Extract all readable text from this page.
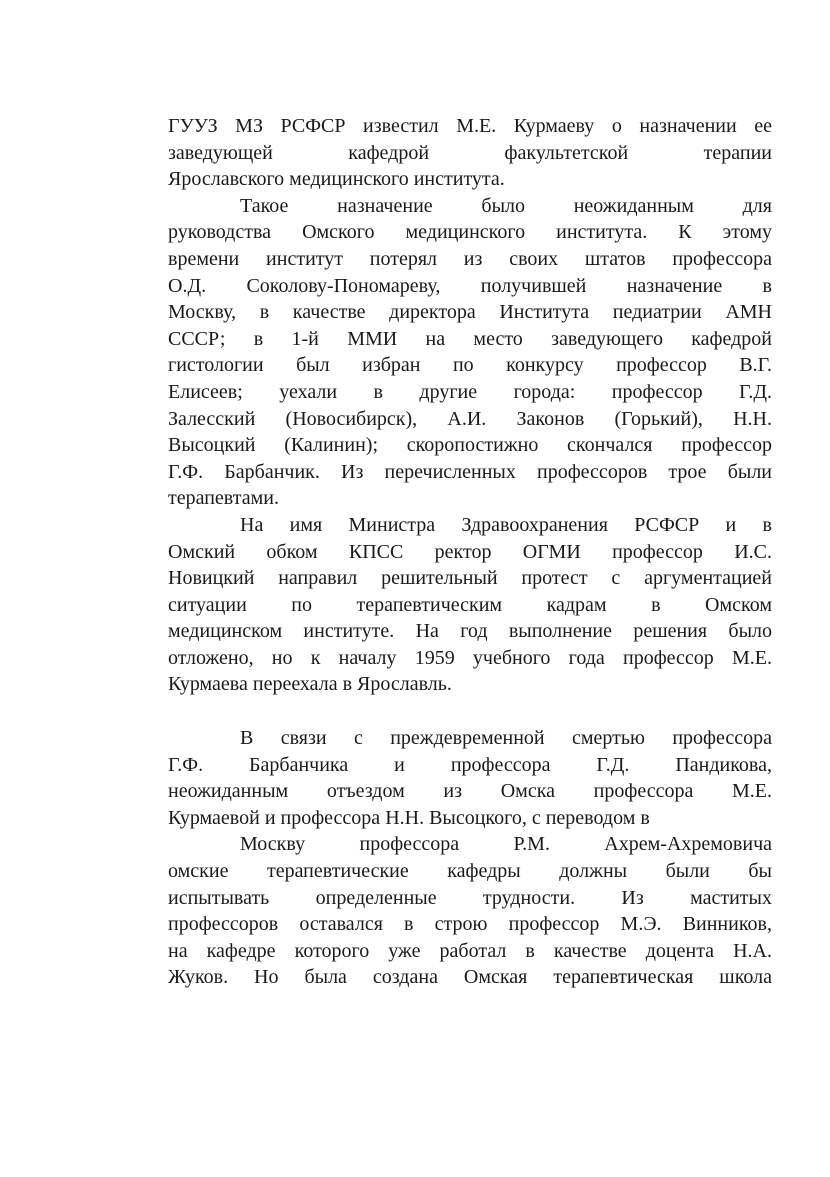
ГУУЗ МЗ РСФСР известил М.Е. Курмаеву о назначении ее
заведующей кафедрой факультетской терапии
Ярославского медицинского института.
Такое назначение было неожиданным для
руководства Омского медицинского института. К этому
времени институт потерял из своих штатов профессора
О.Д. Соколову-Пономареву, получившей назначение в
Москву, в качестве директора Института педиатрии АМН
СССР; в 1-й ММИ на место заведующего кафедрой
гистологии был избран по конкурсу профессор В.Г.
Елисеев; уехали в другие города: профессор Г.Д.
Залесский (Новосибирск), А.И. Законов (Горький), Н.Н.
Высоцкий (Калинин); скоропостижно скончался профессор
Г.Ф. Барбанчик. Из перечисленных профессоров трое были
терапевтами.
На имя Министра Здравоохранения РСФСР и в
Омский обком КПСС ректор ОГМИ профессор И.С.
Новицкий направил решительный протест с аргументацией
ситуации по терапевтическим кадрам в Омском
медицинском институте. На год выполнение решения было
отложено, но к началу 1959 учебного года профессор М.Е.
Курмаева переехала в Ярославль.
В связи с преждевременной смертью профессора
Г.Ф. Барбанчика и профессора Г.Д. Пандикова,
неожиданным отъездом из Омска профессора М.Е.
Курмаевой и профессора Н.Н. Высоцкого, с переводом в
Москву профессора Р.М. Ахрем-Ахремовича
омские терапевтические кафедры должны были бы
испытывать определенные трудности. Из маститых
профессоров оставался в строю профессор М.Э. Винников,
на кафедре которого уже работал в качестве доцента Н.А.
Жуков. Но была создана Омская терапевтическая школа
